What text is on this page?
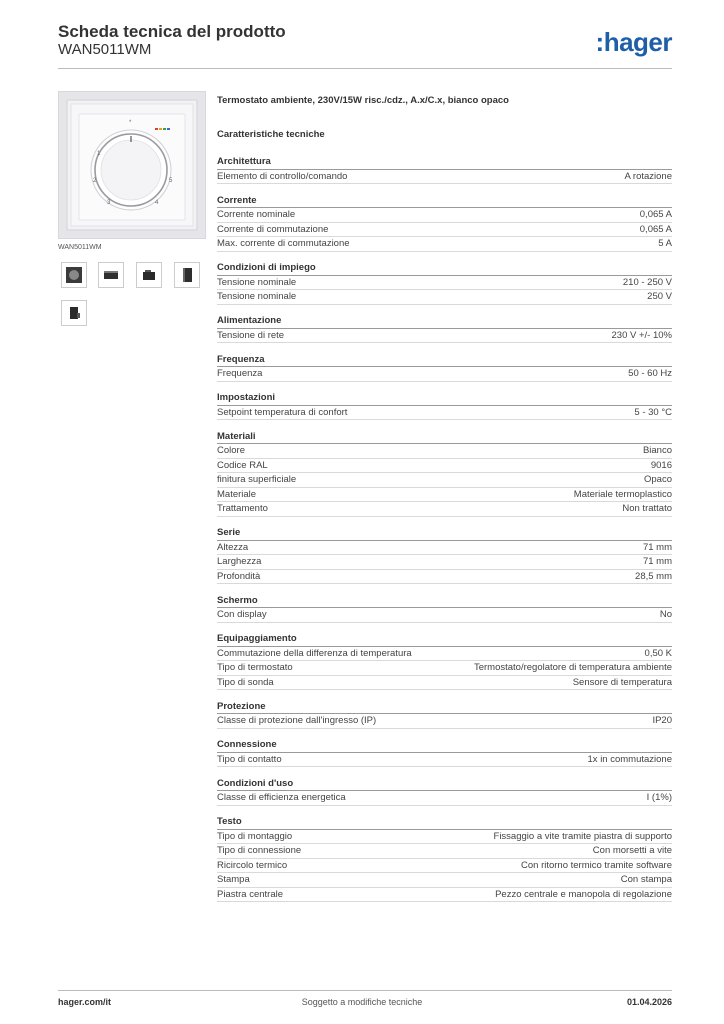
Scheda tecnica del prodotto
WAN5011WM	:hager
*
1
2
3	4
5
WAN5011WM
Termostato ambiente, 230V/15W risc./cdz., A.x/C.x, bianco opaco
Caratteristiche tecniche
Architettura
Elemento di controllo/comando	A rotazione
Corrente
Corrente nominale	0,065 A
Corrente di commutazione	0,065 A
Max. corrente di commutazione	5 A
Condizioni di impiego
Tensione nominale	210 - 250 V
Tensione nominale	250 V
Alimentazione
Tensione di rete	230 V +/- 10%
Frequenza
Frequenza	50 - 60 Hz
Impostazioni
Setpoint temperatura di confort	5 - 30 °C
Materiali
Colore	Bianco
Codice RAL	9016
finitura superficiale	Opaco
Materiale	Materiale termoplastico
Trattamento	Non trattato
Serie
Altezza	71 mm
Larghezza	71 mm
Profondità	28,5 mm
Schermo
Con display	No
Equipaggiamento
Commutazione della differenza di temperatura	0,50 K
Tipo di termostato	Termostato/regolatore di temperatura ambiente
Tipo di sonda	Sensore di temperatura
Protezione
Classe di protezione dall'ingresso (IP)	IP20
Connessione
Tipo di contatto	1x in commutazione
Condizioni d'uso
Classe di efficienza energetica	I (1%)
Testo
Tipo di montaggio	Fissaggio a vite tramite piastra di supporto
Tipo di connessione	Con morsetti a vite
Ricircolo termico	Con ritorno termico tramite software
Stampa	Con stampa
Piastra centrale	Pezzo centrale e manopola di regolazione
hager.com/it	Soggetto a modifiche tecniche	01.04.2026
